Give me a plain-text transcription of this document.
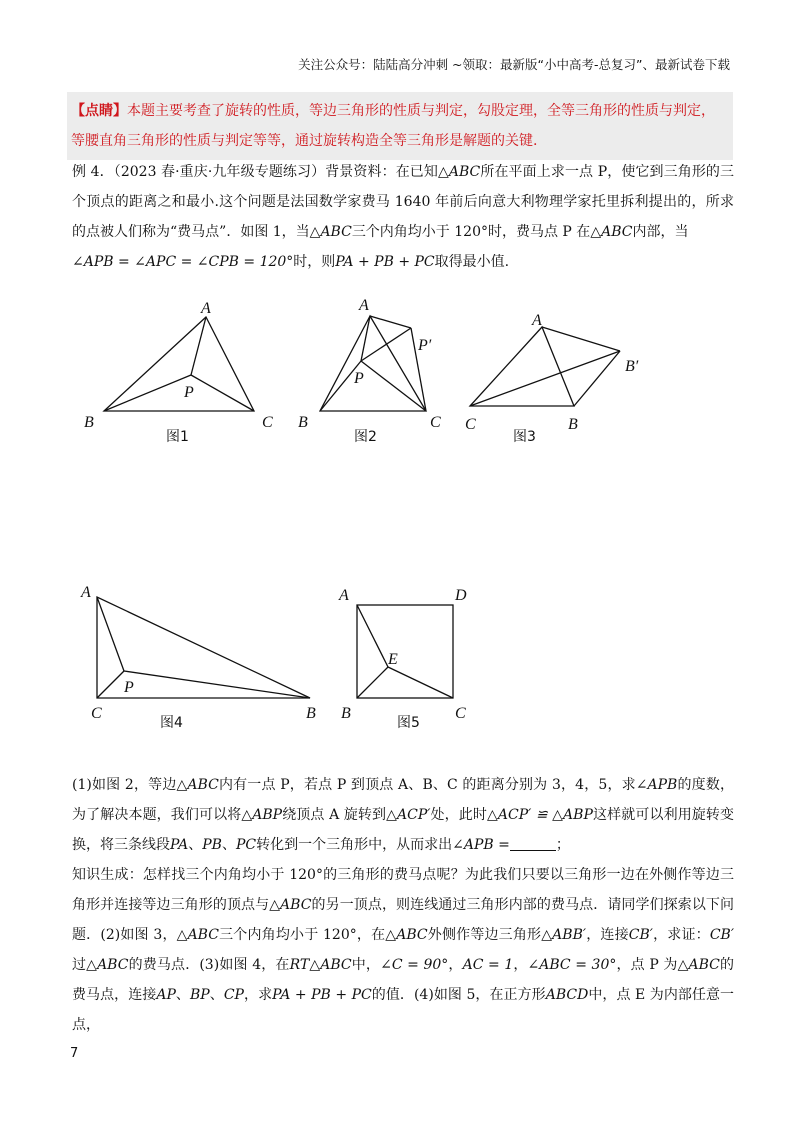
关注公众号：陆陆高分冲刺 ~领取：最新版“小中高考-总复习”、最新试卷下载
【点睛】本题主要考查了旋转的性质，等边三角形的性质与判定，勾股定理，全等三角形的性质与判定，等腰直角三角形的性质与判定等等，通过旋转构造全等三角形是解题的关键.
例 4．（2023 春·重庆·九年级专题练习）背景资料：在已知△ABC所在平面上求一点 P，使它到三角形的三个顶点的距离之和最小.这个问题是法国数学家费马 1640 年前后向意大利物理学家托里拆利提出的，所求的点被人们称为“费马点”．如图 1，当△ABC三个内角均小于 120°时，费马点 P 在△ABC内部，当
∠APB = ∠APC = ∠CPB = 120°时，则PA + PB + PC取得最小值.
A
B	C
P
图1
A
B	C
P
P′
图2
A
C	B
B′
图3
A
C	B
P
图4
A	D
B	C
E
图5
(1)如图 2，等边△ABC内有一点 P，若点 P 到顶点 A、B、C 的距离分别为 3，4，5，求∠APB的度数，为了解决本题，我们可以将△ABP绕顶点 A 旋转到△ACP′处，此时△ACP′ ≌ △ABP这样就可以利用旋转变换，将三条线段PA、PB、PC转化到一个三角形中，从而求出∠APB =	；
知识生成：怎样找三个内角均小于 120°的三角形的费马点呢？为此我们只要以三角形一边在外侧作等边三角形并连接等边三角形的顶点与△ABC的另一顶点，则连线通过三角形内部的费马点．请同学们探索以下问题．(2)如图 3，△ABC三个内角均小于 120°，在△ABC外侧作等边三角形△ABB′，连接CB′，求证：CB′过△ABC的费马点．(3)如图 4，在RT△ABC中，∠C = 90°，AC = 1，∠ABC = 30°，点 P 为△ABC的费马点，连接AP、BP、CP，求PA + PB + PC的值．(4)如图 5，在正方形ABCD中，点 E 为内部任意一点，
7
